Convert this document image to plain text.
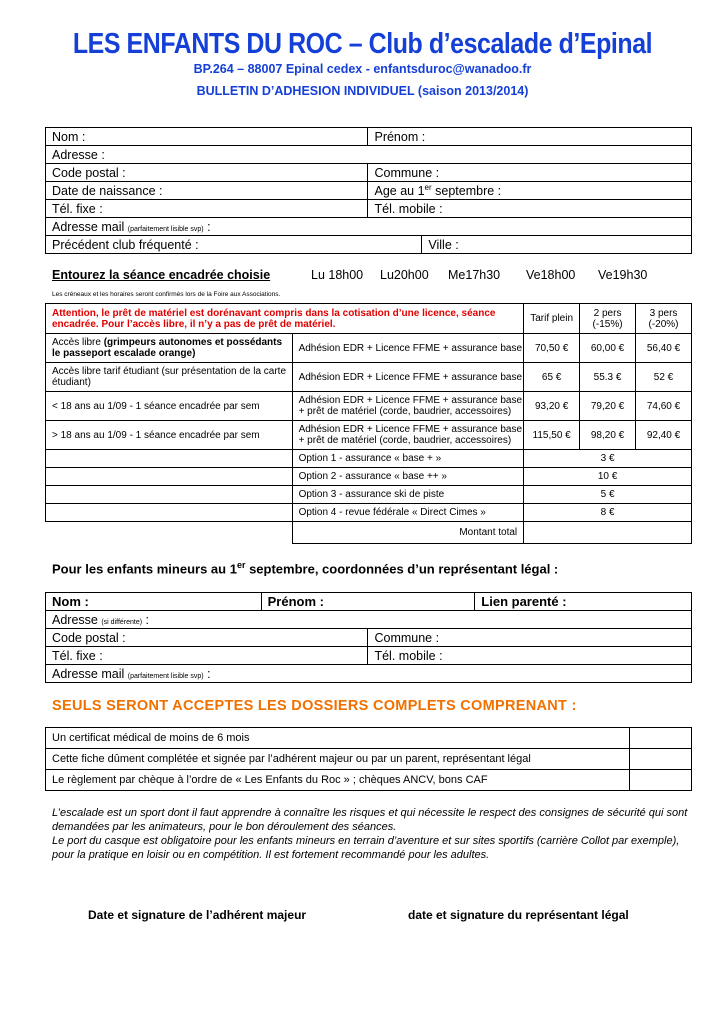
LES ENFANTS DU ROC – Club d’escalade d’Epinal
BP.264 – 88007 Epinal cedex - enfantsduroc@wanadoo.fr
BULLETIN D’ADHESION INDIVIDUEL (saison 2013/2014)
Nom :	Prénom :	
Adresse :		
Code postal :	Commune :	
Date de naissance :	Age au 1er septembre :	
Tél. fixe :	Tél. mobile :	
Adresse mail (parfaitement lisible svp) :		
Précédent club fréquenté :		Ville :
Entourez la séance encadrée choisie	Lu 18h00 Lu20h00 Me17h30 Ve18h00 Ve19h30
Les créneaux et les horaires seront confirmés lors de la Foire aux Associations.
Attention, le prêt de matériel est dorénavant compris dans la cotisation d’une licence, séance encadrée. Pour l’accès libre, il n’y a pas de prêt de matériel.		Tarif plein	2 pers (-15%)	3 pers (-20%)
Accès libre (grimpeurs autonomes et possédants le passeport escalade orange)	Adhésion EDR + Licence FFME + assurance base	70,50 €	60,00 €	56,40 €
Accès libre tarif étudiant (sur présentation de la carte étudiant)	Adhésion EDR + Licence FFME + assurance base	65 €	55.3 €	52 €
< 18 ans au 1/09 - 1 séance encadrée par sem	Adhésion EDR + Licence FFME + assurance base + prêt de matériel (corde, baudrier, accessoires)	93,20 €	79,20 €	74,60 €
> 18 ans au 1/09 - 1 séance encadrée par sem	Adhésion EDR + Licence FFME + assurance base + prêt de matériel (corde, baudrier, accessoires)	115,50 €	98,20 €	92,40 €
	Option 1 - assurance « base + »	3 €		
	Option 2 - assurance « base ++ »	10 €		
	Option 3 - assurance ski de piste	5 €		
	Option 4 - revue fédérale « Direct Cimes »	8 €		
	Montant total			
Pour les enfants mineurs au 1er septembre, coordonnées d’un représentant légal :
Nom :	Prénom :		Lien parenté :
Adresse (si différente) :			
Code postal :		Commune :	
Tél. fixe :		Tél. mobile :	
Adresse mail (parfaitement lisible svp) :			
SEULS SERONT ACCEPTES LES DOSSIERS COMPLETS COMPRENANT :
Un certificat médical de moins de 6 mois	
Cette fiche dûment complétée et signée par l’adhérent majeur ou par un parent, représentant légal	
Le règlement par chèque à l’ordre de « Les Enfants du Roc » ; chèques ANCV, bons CAF	
L’escalade est un sport dont il faut apprendre à connaître les risques et qui nécessite le respect des consignes de sécurité qui sont demandées par les animateurs, pour le bon déroulement des séances.
Le port du casque est obligatoire pour les enfants mineurs en terrain d’aventure et sur sites sportifs (carrière Collot par exemple), pour la pratique en loisir ou en compétition. Il est fortement recommandé pour les adultes.
Date et signature de l’adhérent majeur	date et signature du représentant légal
